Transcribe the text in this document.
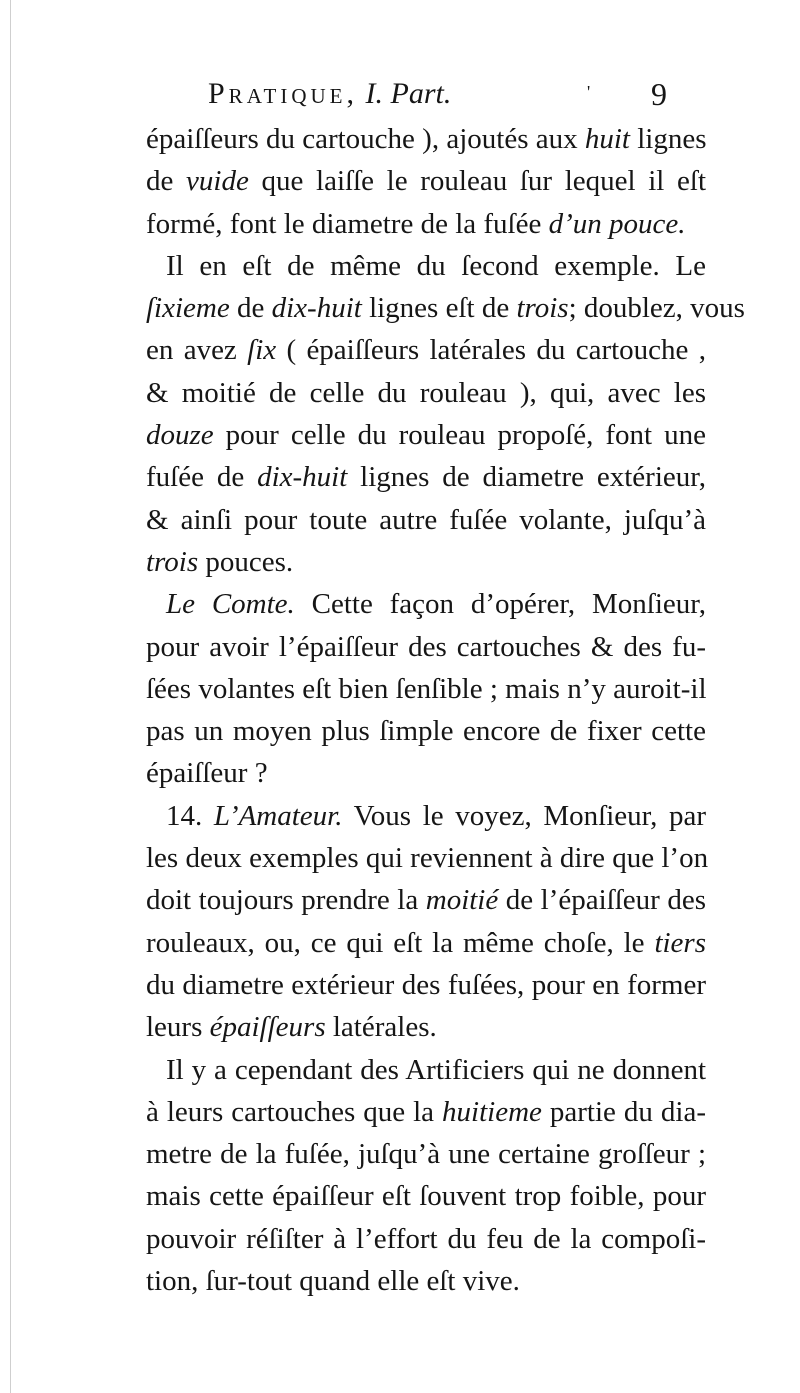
Pratique, I. Part.	' 9
épaiſſeurs du cartouche ), ajoutés aux huit lignes
de vuide que laiſſe le rouleau ſur lequel il eſt
formé, font le diametre de la fuſée d’un pouce.
Il en eſt de même du ſecond exemple. Le
ſixieme de dix-huit lignes eſt de trois; doublez, vous
en avez ſix ( épaiſſeurs latérales du cartouche ,
& moitié de celle du rouleau ), qui, avec les
douze pour celle du rouleau propoſé, font une
fuſée de dix-huit lignes de diametre extérieur,
& ainſi pour toute autre fuſée volante, juſqu’à
trois pouces.
Le Comte. Cette façon d’opérer, Monſieur,
pour avoir l’épaiſſeur des cartouches & des fu-
ſées volantes eſt bien ſenſible ; mais n’y auroit-il
pas un moyen plus ſimple encore de fixer cette
épaiſſeur ?
14. L’Amateur. Vous le voyez, Monſieur, par
les deux exemples qui reviennent à dire que l’on
doit toujours prendre la moitié de l’épaiſſeur des
rouleaux, ou, ce qui eſt la même choſe, le tiers
du diametre extérieur des fuſées, pour en former
leurs épaiſſeurs latérales.
Il y a cependant des Artificiers qui ne donnent
à leurs cartouches que la huitieme partie du dia-
metre de la fuſée, juſqu’à une certaine groſſeur ;
mais cette épaiſſeur eſt ſouvent trop foible, pour
pouvoir réſiſter à l’effort du feu de la compoſi-
tion, ſur-tout quand elle eſt vive.
